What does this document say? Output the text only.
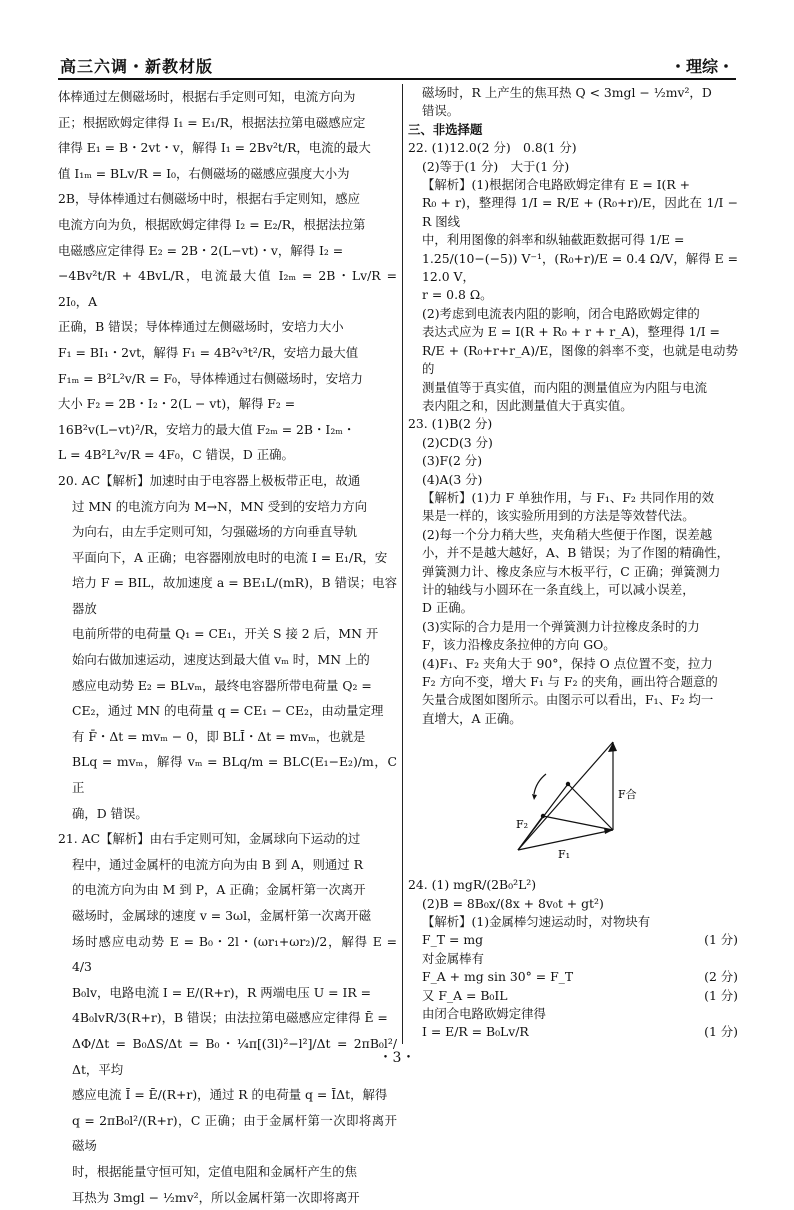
高三六调・新教材版	・理综・

体棒通过左侧磁场时，根据右手定则可知，电流方向为

正；根据欧姆定律得 I₁ = E₁/R，根据法拉第电磁感应定

律得 E₁ = B・2vt・v，解得 I₁ = 2Bv²t/R，电流的最大

值 I₁ₘ = BLv/R = I₀，右侧磁场的磁感应强度大小为

2B，导体棒通过右侧磁场中时，根据右手定则知，感应

电流方向为负，根据欧姆定律得 I₂ = E₂/R，根据法拉第

电磁感应定律得 E₂ = 2B・2(L−vt)・v，解得 I₂ =

−4Bv²t/R + 4BvL/R，电流最大值 I₂ₘ = 2B・Lv/R = 2I₀，A

正确，B 错误；导体棒通过左侧磁场时，安培力大小

F₁ = BI₁・2vt，解得 F₁ = 4B²v³t²/R，安培力最大值

F₁ₘ = B²L²v/R = F₀，导体棒通过右侧磁场时，安培力

大小 F₂ = 2B・I₂・2(L − vt)，解得 F₂ =

16B²v(L−vt)²/R，安培力的最大值 F₂ₘ = 2B・I₂ₘ・

L = 4B²L²v/R = 4F₀，C 错误，D 正确。

20. AC【解析】加速时由于电容器上极板带正电，故通

过 MN 的电流方向为 M→N，MN 受到的安培力方向

为向右，由左手定则可知，匀强磁场的方向垂直导轨

平面向下，A 正确；电容器刚放电时的电流 I = E₁/R，安

培力 F = BIL，故加速度 a = BE₁L/(mR)，B 错误；电容器放

电前所带的电荷量 Q₁ = CE₁，开关 S 接 2 后，MN 开

始向右做加速运动，速度达到最大值 vₘ 时，MN 上的

感应电动势 E₂ = BLvₘ，最终电容器所带电荷量 Q₂ =

CE₂，通过 MN 的电荷量 q = CE₁ − CE₂，由动量定理

有 F̄・Δt = mvₘ − 0，即 BLĪ・Δt = mvₘ，也就是

BLq = mvₘ，解得 vₘ = BLq/m = BLC(E₁−E₂)/m，C 正

确，D 错误。

21. AC【解析】由右手定则可知，金属球向下运动的过

程中，通过金属杆的电流方向为由 B 到 A，则通过 R

的电流方向为由 M 到 P，A 正确；金属杆第一次离开

磁场时，金属球的速度 v = 3ωl，金属杆第一次离开磁

场时感应电动势 E = B₀・2l・(ωr₁+ωr₂)/2，解得 E = 4/3

B₀lv，电路电流 I = E/(R+r)，R 两端电压 U = IR =

4B₀lvR/3(R+r)，B 错误；由法拉第电磁感应定律得 Ē =

ΔΦ/Δt = B₀ΔS/Δt = B₀・¼π[(3l)²−l²]/Δt = 2πB₀l²/Δt，平均

感应电流 Ī = Ē/(R+r)，通过 R 的电荷量 q = ĪΔt，解得

q = 2πB₀l²/(R+r)，C 正确；由于金属杆第一次即将离开磁场

时，根据能量守恒可知，定值电阻和金属杆产生的焦

耳热为 3mgl − ½mv²，所以金属杆第一次即将离开

磁场时，R 上产生的焦耳热 Q < 3mgl − ½mv²，D

错误。

三、非选择题

22. (1)12.0(2 分)　0.8(1 分)

(2)等于(1 分)　大于(1 分)

【解析】(1)根据闭合电路欧姆定律有 E = I(R +

R₀ + r)，整理得 1/I = R/E + (R₀+r)/E，因此在 1/I − R 图线

中，利用图像的斜率和纵轴截距数据可得 1/E =

1.25/(10−(−5)) V⁻¹，(R₀+r)/E = 0.4 Ω/V，解得 E = 12.0 V，

r = 0.8 Ω。

(2)考虑到电流表内阻的影响，闭合电路欧姆定律的

表达式应为 E = I(R + R₀ + r + r_A)，整理得 1/I =

R/E + (R₀+r+r_A)/E，图像的斜率不变，也就是电动势的

测量值等于真实值，而内阻的测量值应为内阻与电流

表内阻之和，因此测量值大于真实值。

23. (1)B(2 分)

(2)CD(3 分)

(3)F(2 分)

(4)A(3 分)

【解析】(1)力 F 单独作用，与 F₁、F₂ 共同作用的效

果是一样的，该实验所用到的方法是等效替代法。

(2)每一个分力稍大些，夹角稍大些便于作图，误差越

小，并不是越大越好，A、B 错误；为了作图的精确性，

弹簧测力计、橡皮条应与木板平行，C 正确；弹簧测力

计的轴线与小圆环在一条直线上，可以减小误差，

D 正确。

(3)实际的合力是用一个弹簧测力计拉橡皮条时的力

F，该力沿橡皮条拉伸的方向 GO。

(4)F₁、F₂ 夹角大于 90°，保持 O 点位置不变，拉力

F₂ 方向不变，增大 F₁ 与 F₂ 的夹角，画出符合题意的

矢量合成图如图所示。由图示可以看出，F₁、F₂ 均一

直增大，A 正确。

F合
F₁
F₂

24. (1) mgR/(2B₀²L²)

(2)B = 8B₀x/(8x + 8v₀t + gt²)

【解析】(1)金属棒匀速运动时，对物块有

F_T = mg	(1 分)
对金属棒有
F_A + mg sin 30° = F_T	(2 分)
又 F_A = B₀IL	(1 分)
由闭合电路欧姆定律得
I = E/R = B₀Lv/R	(1 分)
・3・
